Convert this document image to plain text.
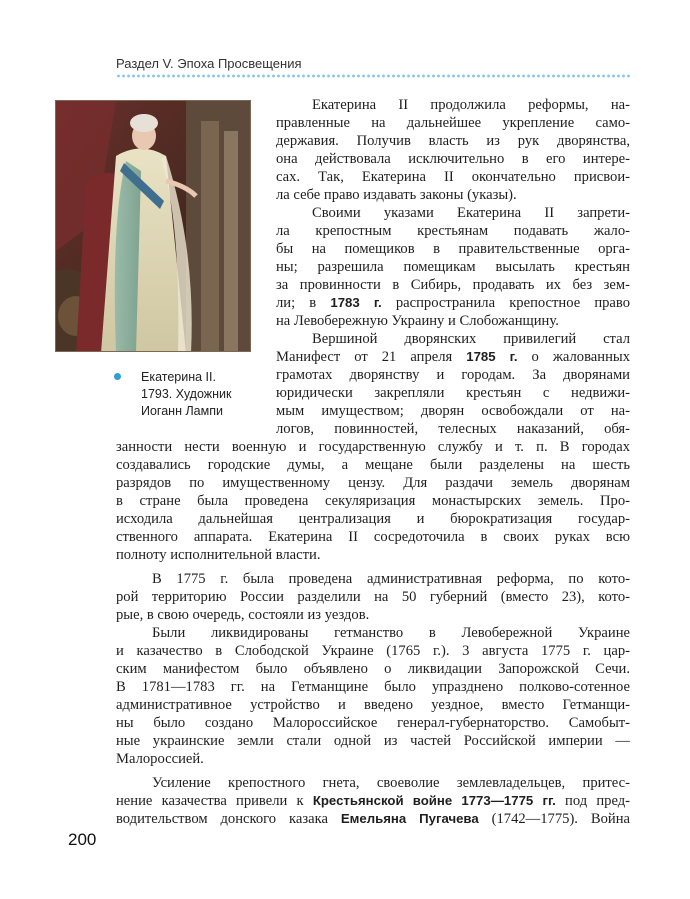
Раздел V. Эпоха Просвещения
Екатерина II.
1793. Художник
Иоганн Лампи
Екатерина II продолжила реформы, на-
правленные на дальнейшее укрепление само-
державия. Получив власть из рук дворянства,
она действовала исключительно в его интере-
сах. Так, Екатерина II окончательно присвои-
ла себе право издавать законы (указы).
Своими указами Екатерина II запрети-
ла крепостным крестьянам подавать жало-
бы на помещиков в правительственные орга-
ны; разрешила помещикам высылать крестьян
за провинности в Сибирь, продавать их без зем-
ли; в 1783 г. распространила крепостное право
на Левобережную Украину и Слобожанщину.
Вершиной дворянских привилегий стал
Манифест от 21 апреля 1785 г. о жалованных
грамотах дворянству и городам. За дворянами
юридически закрепляли крестьян с недвижи-
мым имуществом; дворян освобождали от на-
логов, повинностей, телесных наказаний, обя-
занности нести военную и государственную службу и т. п. В городах
создавались городские думы, а мещане были разделены на шесть
разрядов по имущественному цензу. Для раздачи земель дворянам
в стране была проведена секуляризация монастырских земель. Про-
исходила дальнейшая централизация и бюрократизация государ-
ственного аппарата. Екатерина II сосредоточила в своих руках всю
полноту исполнительной власти.
В 1775 г. была проведена административная реформа, по кото-
рой территорию России разделили на 50 губерний (вместо 23), кото-
рые, в свою очередь, состояли из уездов.
Были ликвидированы гетманство в Левобережной Украине
и казачество в Слободской Украине (1765 г.). 3 августа 1775 г. цар-
ским манифестом было объявлено о ликвидации Запорожской Сечи.
В 1781—1783 гг. на Гетманщине было упразднено полково-сотенное
административное устройство и введено уездное, вместо Гетманщи-
ны было создано Малороссийское генерал-губернаторство. Самобыт-
ные украинские земли стали одной из частей Российской империи —
Малороссией.
Усиление крепостного гнета, своеволие землевладельцев, притес-
нение казачества привели к Крестьянской войне 1773—1775 гг. под пред-
водительством донского казака Емельяна Пугачева (1742—1775). Война
200
